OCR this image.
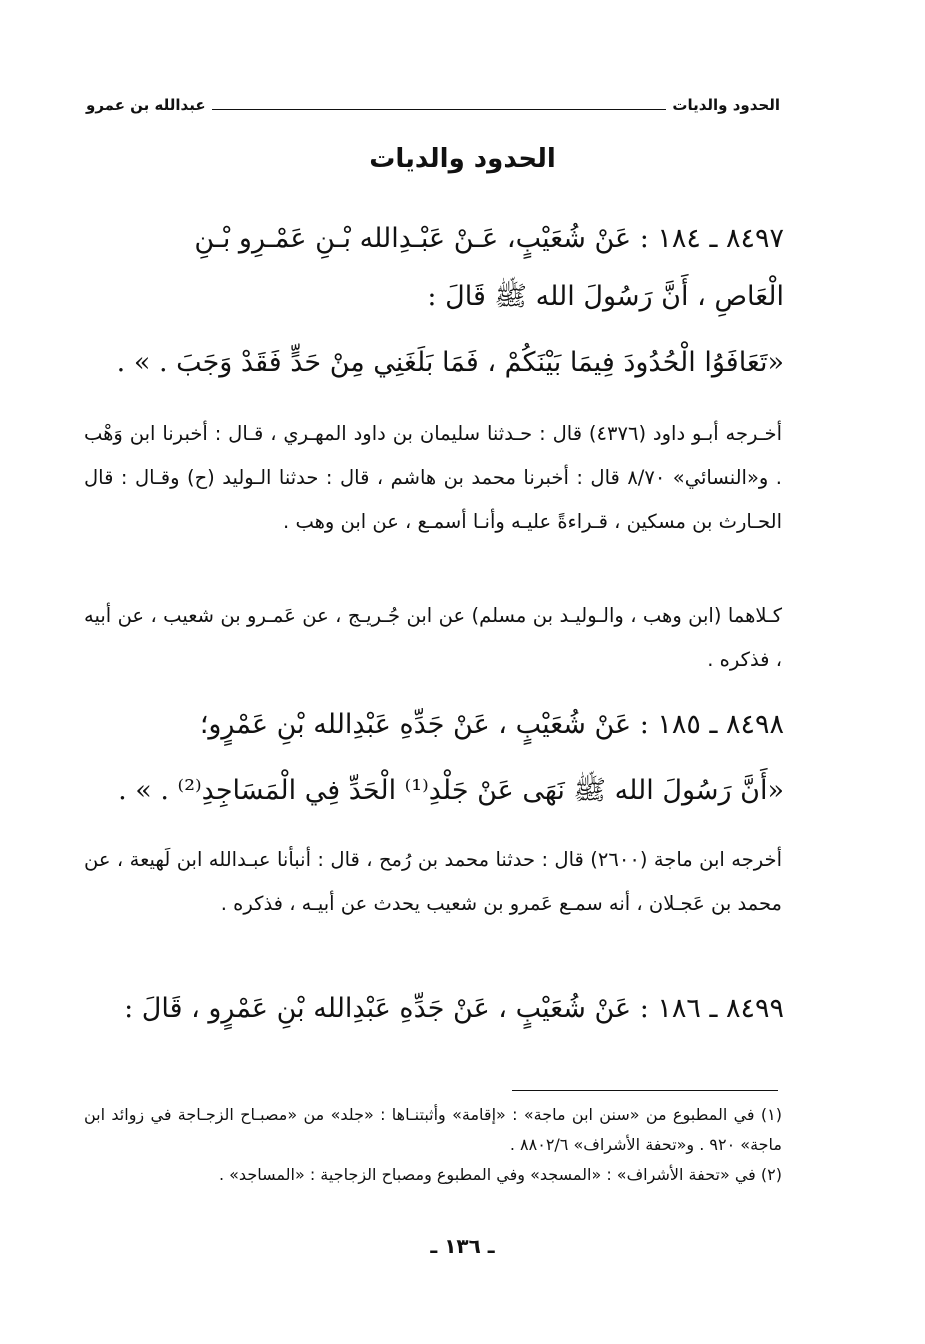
الحدود والديات
عبدالله بن عمرو
الحدود والديات
٨٤٩٧ ـ ١٨٤ : عَنْ شُعَيْبٍ، عَـنْ عَبْـدِالله بْـنِ عَمْـرِو بْـنِ
الْعَاصِ ، أَنَّ رَسُولَ الله ﷺ قَالَ :
«تَعَافَوُا الْحُدُودَ فِيمَا بَيْنَكُمْ ، فَمَا بَلَغَنِي مِنْ حَدٍّ فَقَدْ وَجَبَ . » .
أخـرجه أبـو داود (٤٣٧٦) قال : حـدثنا سليمان بن داود المهـري ، قـال : أخبرنا ابن وَهْب . و«النسائي» ٨/٧٠ قال : أخبرنا محمد بن هاشم ، قال : حدثنا الـوليد (ح) وقـال : قال الحـارث بن مسكين ، قـراءةً عليـه وأنـا أسمـع ، عن ابن وهب .
كـلاهما (ابن وهب ، والـوليـد بن مسلم) عن ابن جُـريـج ، عن عَمـرو بن شعيب ، عن أبيه ، فذكره .
٨٤٩٨ ـ ١٨٥ : عَنْ شُعَيْبٍ ، عَنْ جَدِّهِ عَبْدِالله بْنِ عَمْرٍو؛
«أَنَّ رَسُولَ الله ﷺ نَهَى عَنْ جَلْدِ⁽¹⁾ الْحَدِّ فِي الْمَسَاجِدِ⁽²⁾ . » .
أخرجه ابن ماجة (٢٦٠٠) قال : حدثنا محمد بن رُمح ، قال : أنبأنا عبـدالله ابن لَهيعة ، عن محمد بن عَجـلان ، أنه سمـع عَمرو بن شعيب يحدث عن أبيـه ، فذكره .
٨٤٩٩ ـ ١٨٦ : عَنْ شُعَيْبٍ ، عَنْ جَدِّهِ عَبْدِالله بْنِ عَمْرٍو ، قَالَ :

(١) في المطبوع من «سنن ابن ماجة» : «إقامة» وأثبتنـاها : «جلد» من «مصبـاح الزجـاجة في زوائد ابن ماجة» ٩٢٠ . و«تحفة الأشراف» ٨٨٠٢/٦ .

(٢) في «تحفة الأشراف» : «المسجد» وفي المطبوع ومصباح الزجاجية : «المساجد» .

ـ ١٣٦ ـ
